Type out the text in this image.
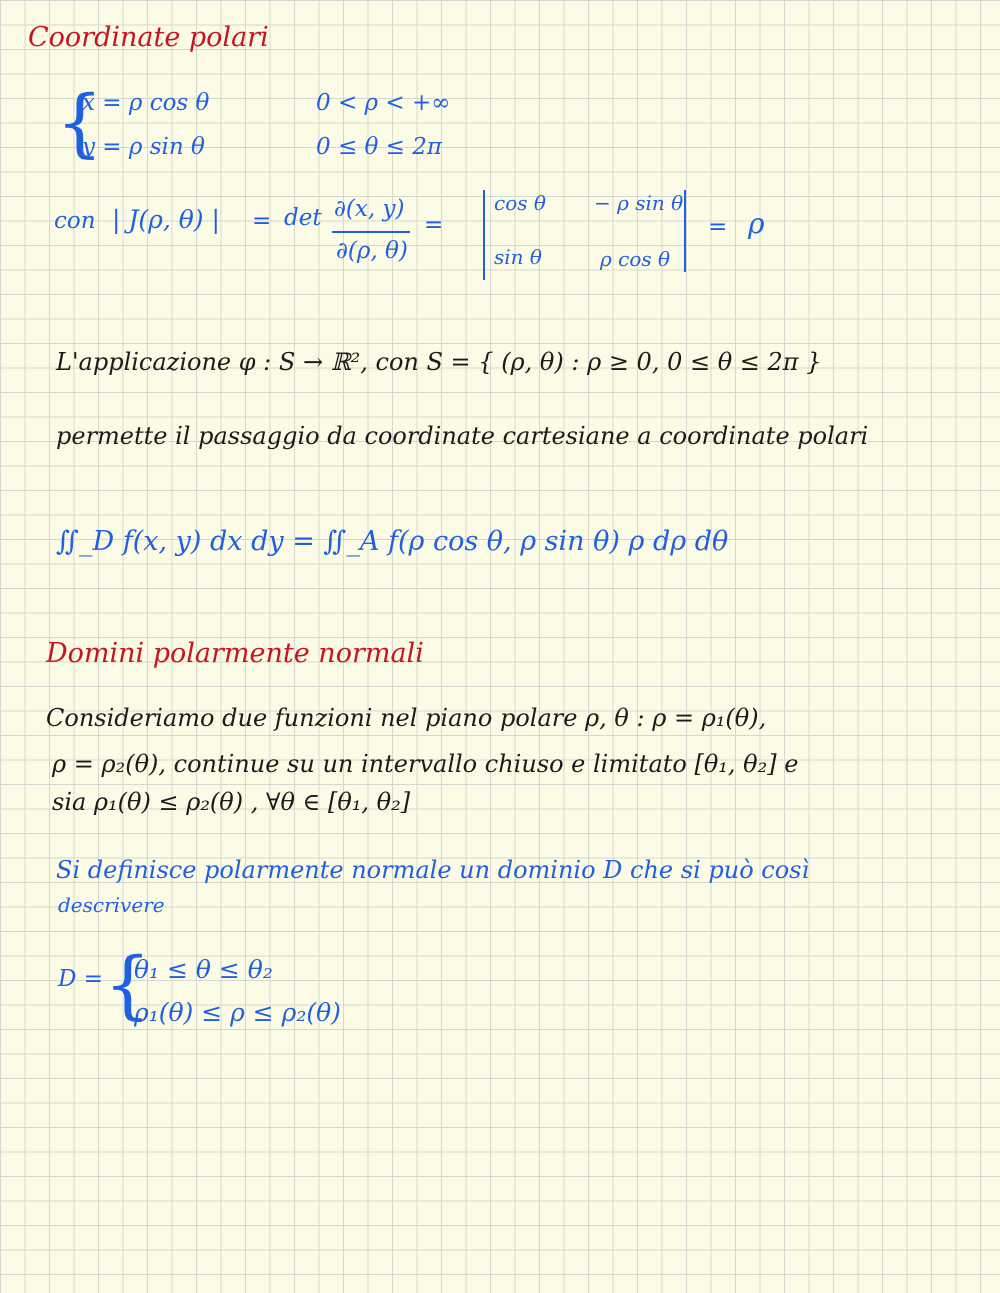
Coordinate polari
{
x = ρ cos θ
y = ρ sin θ
0 < ρ < +∞
0 ≤ θ ≤ 2π
con | J(ρ, θ) | = det ∂(x, y)
∂(ρ, θ)
=
cos θ − ρ sin θ
sin θ	ρ cos θ
= ρ
L'applicazione φ : S → ℝ², con S = { (ρ, θ) : ρ ≥ 0, 0 ≤ θ ≤ 2π }
permette il passaggio da coordinate cartesiane a coordinate polari
∬_D f(x, y) dx dy = ∬_A f(ρ cos θ, ρ sin θ) ρ dρ dθ
Domini polarmente normali
Consideriamo due funzioni nel piano polare ρ, θ : ρ = ρ₁(θ),
ρ = ρ₂(θ), continue su un intervallo chiuso e limitato [θ₁, θ₂] e
sia ρ₁(θ) ≤ ρ₂(θ) , ∀θ ∈ [θ₁, θ₂]
Si definisce polarmente normale un dominio D che si può così
descrivere
D = {
θ₁ ≤ θ ≤ θ₂
ρ₁(θ) ≤ ρ ≤ ρ₂(θ)
